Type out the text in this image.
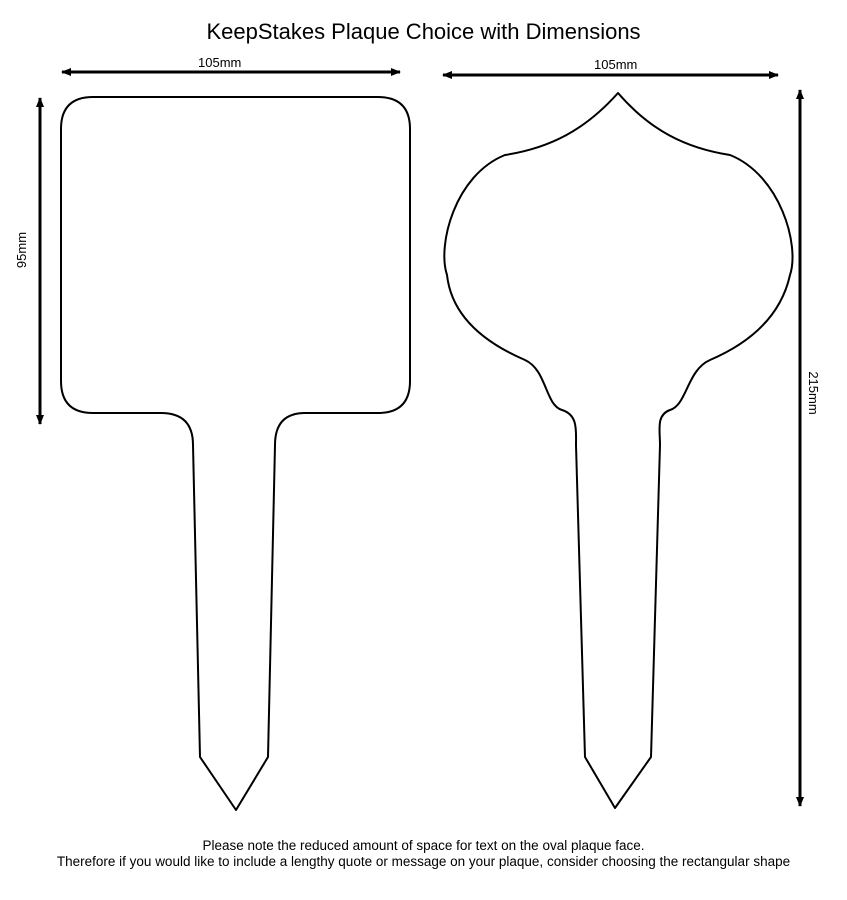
KeepStakes Plaque Choice with Dimensions
105mm
95mm
105mm
215mm
Please note the reduced amount of space for text on the oval plaque face.
Therefore if you would like to include a lengthy quote or message on your plaque, consider choosing the rectangular shape
